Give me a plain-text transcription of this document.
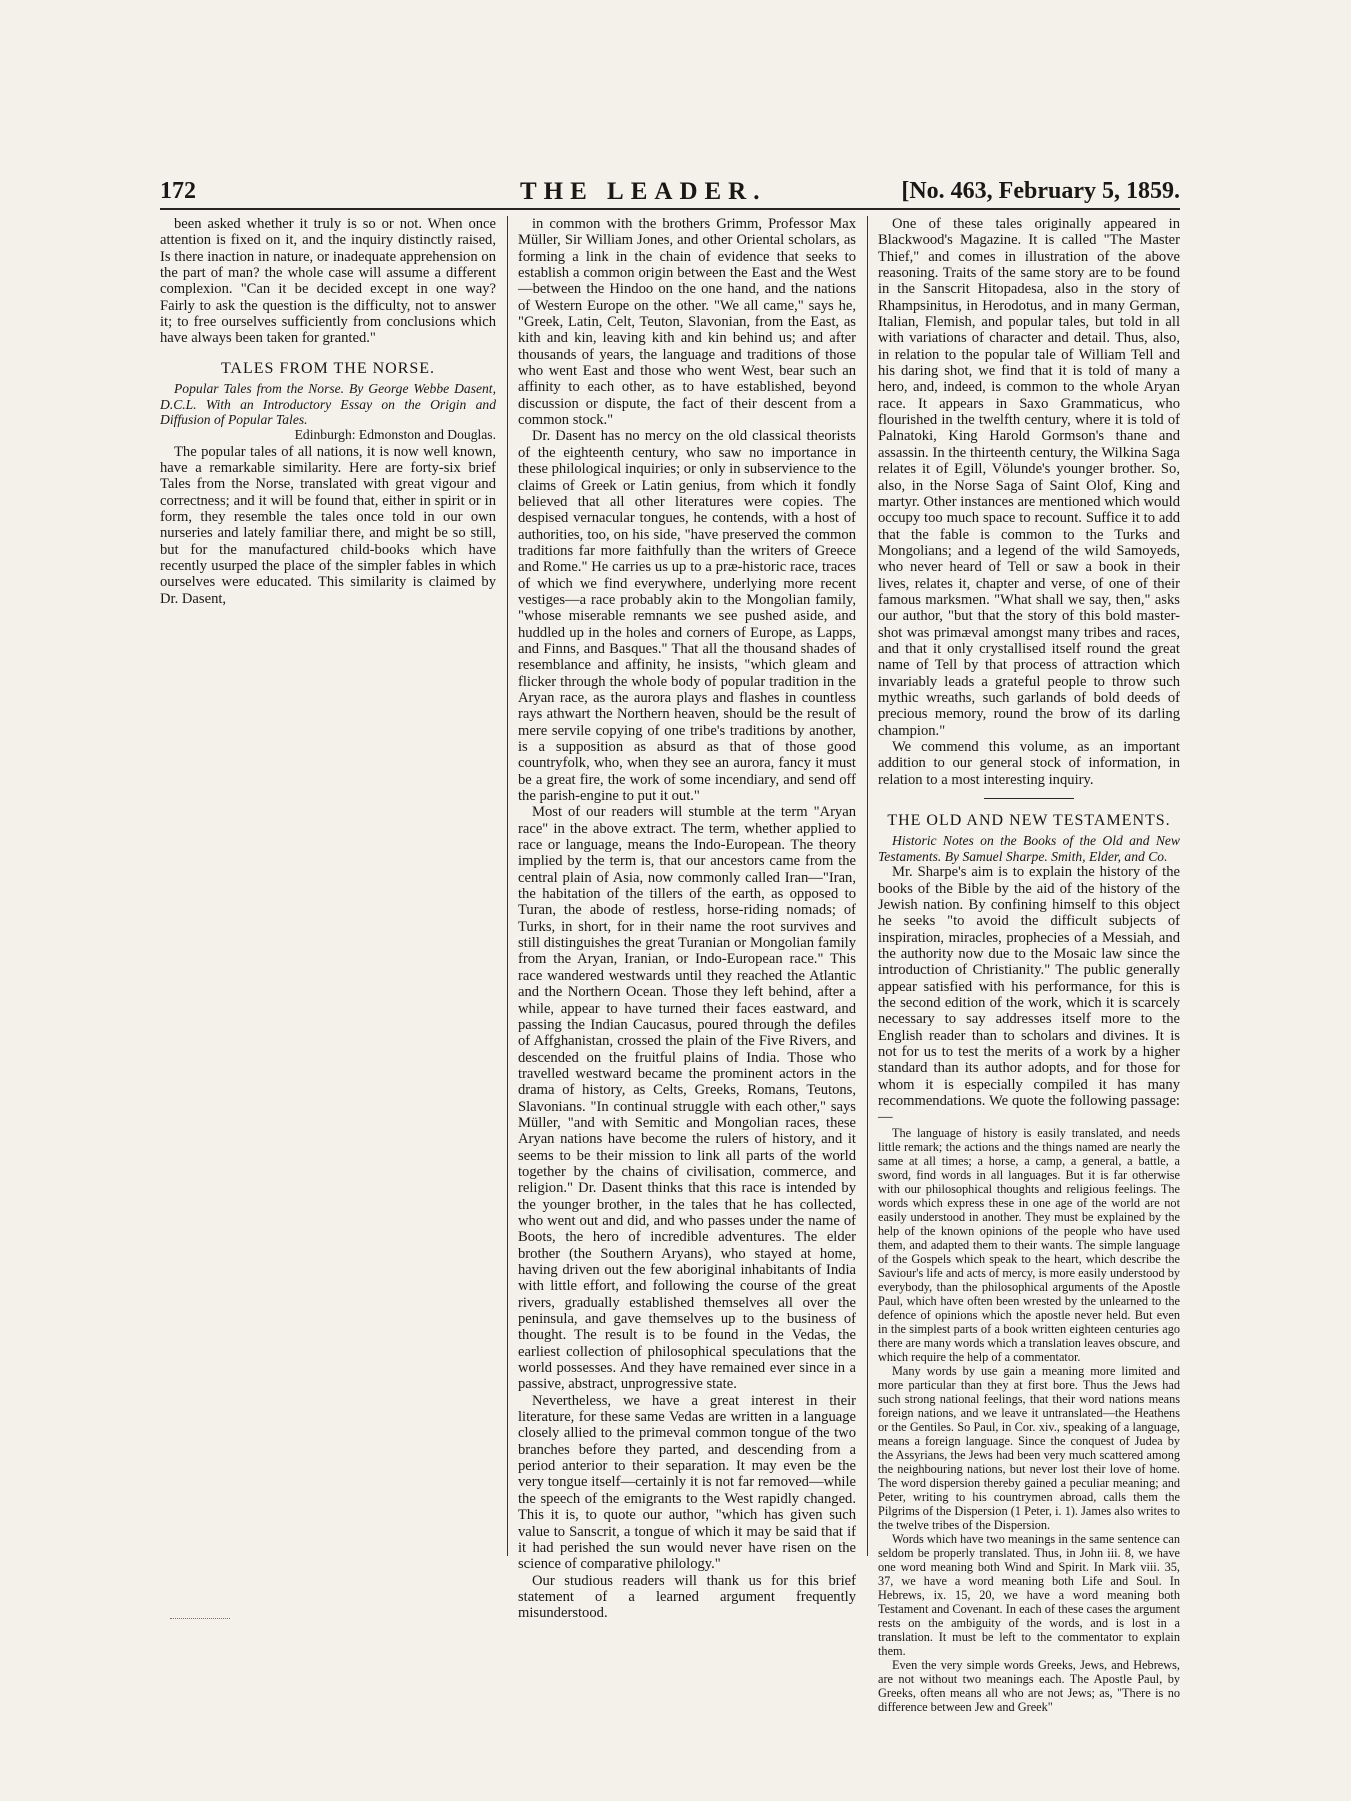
172	THE LEADER.	[No. 463, February 5, 1859.

been asked whether it truly is so or not. When once attention is fixed on it, and the inquiry distinctly raised, Is there inaction in nature, or inadequate apprehension on the part of man? the whole case will assume a different complexion. "Can it be decided except in one way? Fairly to ask the question is the difficulty, not to answer it; to free ourselves sufficiently from conclusions which have always been taken for granted."

TALES FROM THE NORSE.

Popular Tales from the Norse. By George Webbe Dasent, D.C.L. With an Introductory Essay on the Origin and Diffusion of Popular Tales.

Edinburgh: Edmonston and Douglas.

The popular tales of all nations, it is now well known, have a remarkable similarity. Here are forty-six brief Tales from the Norse, translated with great vigour and correctness; and it will be found that, either in spirit or in form, they resemble the tales once told in our own nurseries and lately familiar there, and might be so still, but for the manufactured child-books which have recently usurped the place of the simpler fables in which ourselves were educated. This similarity is claimed by Dr. Dasent,

in common with the brothers Grimm, Professor Max Müller, Sir William Jones, and other Oriental scholars, as forming a link in the chain of evidence that seeks to establish a common origin between the East and the West—between the Hindoo on the one hand, and the nations of Western Europe on the other. "We all came," says he, "Greek, Latin, Celt, Teuton, Slavonian, from the East, as kith and kin, leaving kith and kin behind us; and after thousands of years, the language and traditions of those who went East and those who went West, bear such an affinity to each other, as to have established, beyond discussion or dispute, the fact of their descent from a common stock."

Dr. Dasent has no mercy on the old classical theorists of the eighteenth century, who saw no importance in these philological inquiries; or only in subservience to the claims of Greek or Latin genius, from which it fondly believed that all other literatures were copies. The despised vernacular tongues, he contends, with a host of authorities, too, on his side, "have preserved the common traditions far more faithfully than the writers of Greece and Rome." He carries us up to a præ-historic race, traces of which we find everywhere, underlying more recent vestiges—a race probably akin to the Mongolian family, "whose miserable remnants we see pushed aside, and huddled up in the holes and corners of Europe, as Lapps, and Finns, and Basques." That all the thousand shades of resemblance and affinity, he insists, "which gleam and flicker through the whole body of popular tradition in the Aryan race, as the aurora plays and flashes in countless rays athwart the Northern heaven, should be the result of mere servile copying of one tribe's traditions by another, is a supposition as absurd as that of those good countryfolk, who, when they see an aurora, fancy it must be a great fire, the work of some incendiary, and send off the parish-engine to put it out."

Most of our readers will stumble at the term "Aryan race" in the above extract. The term, whether applied to race or language, means the Indo-European. The theory implied by the term is, that our ancestors came from the central plain of Asia, now commonly called Iran—"Iran, the habitation of the tillers of the earth, as opposed to Turan, the abode of restless, horse-riding nomads; of Turks, in short, for in their name the root survives and still distinguishes the great Turanian or Mongolian family from the Aryan, Iranian, or Indo-European race." This race wandered westwards until they reached the Atlantic and the Northern Ocean. Those they left behind, after a while, appear to have turned their faces eastward, and passing the Indian Caucasus, poured through the defiles of Affghanistan, crossed the plain of the Five Rivers, and descended on the fruitful plains of India. Those who travelled westward became the prominent actors in the drama of history, as Celts, Greeks, Romans, Teutons, Slavonians. "In continual struggle with each other," says Müller, "and with Semitic and Mongolian races, these Aryan nations have become the rulers of history, and it seems to be their mission to link all parts of the world together by the chains of civilisation, commerce, and religion." Dr. Dasent thinks that this race is intended by the younger brother, in the tales that he has collected, who went out and did, and who passes under the name of Boots, the hero of incredible adventures. The elder brother (the Southern Aryans), who stayed at home, having driven out the few aboriginal inhabitants of India with little effort, and following the course of the great rivers, gradually established themselves all over the peninsula, and gave themselves up to the business of thought. The result is to be found in the Vedas, the earliest collection of philosophical speculations that the world possesses. And they have remained ever since in a passive, abstract, unprogressive state.

Nevertheless, we have a great interest in their literature, for these same Vedas are written in a language closely allied to the primeval common tongue of the two branches before they parted, and descending from a period anterior to their separation. It may even be the very tongue itself—certainly it is not far removed—while the speech of the emigrants to the West rapidly changed. This it is, to quote our author, "which has given such value to Sanscrit, a tongue of which it may be said that if it had perished the sun would never have risen on the science of comparative philology."

Our studious readers will thank us for this brief statement of a learned argument frequently misunderstood.

One of these tales originally appeared in Blackwood's Magazine. It is called "The Master Thief," and comes in illustration of the above reasoning. Traits of the same story are to be found in the Sanscrit Hitopadesa, also in the story of Rhampsinitus, in Herodotus, and in many German, Italian, Flemish, and popular tales, but told in all with variations of character and detail. Thus, also, in relation to the popular tale of William Tell and his daring shot, we find that it is told of many a hero, and, indeed, is common to the whole Aryan race. It appears in Saxo Grammaticus, who flourished in the twelfth century, where it is told of Palnatoki, King Harold Gormson's thane and assassin. In the thirteenth century, the Wilkina Saga relates it of Egill, Völunde's younger brother. So, also, in the Norse Saga of Saint Olof, King and martyr. Other instances are mentioned which would occupy too much space to recount. Suffice it to add that the fable is common to the Turks and Mongolians; and a legend of the wild Samoyeds, who never heard of Tell or saw a book in their lives, relates it, chapter and verse, of one of their famous marksmen. "What shall we say, then," asks our author, "but that the story of this bold master-shot was primæval amongst many tribes and races, and that it only crystallised itself round the great name of Tell by that process of attraction which invariably leads a grateful people to throw such mythic wreaths, such garlands of bold deeds of precious memory, round the brow of its darling champion."

We commend this volume, as an important addition to our general stock of information, in relation to a most interesting inquiry.

THE OLD AND NEW TESTAMENTS.

Historic Notes on the Books of the Old and New Testaments. By Samuel Sharpe. Smith, Elder, and Co.

Mr. Sharpe's aim is to explain the history of the books of the Bible by the aid of the history of the Jewish nation. By confining himself to this object he seeks "to avoid the difficult subjects of inspiration, miracles, prophecies of a Messiah, and the authority now due to the Mosaic law since the introduction of Christianity." The public generally appear satisfied with his performance, for this is the second edition of the work, which it is scarcely necessary to say addresses itself more to the English reader than to scholars and divines. It is not for us to test the merits of a work by a higher standard than its author adopts, and for those for whom it is especially compiled it has many recommendations. We quote the following passage:—

The language of history is easily translated, and needs little remark; the actions and the things named are nearly the same at all times; a horse, a camp, a general, a battle, a sword, find words in all languages. But it is far otherwise with our philosophical thoughts and religious feelings. The words which express these in one age of the world are not easily understood in another. They must be explained by the help of the known opinions of the people who have used them, and adapted them to their wants. The simple language of the Gospels which speak to the heart, which describe the Saviour's life and acts of mercy, is more easily understood by everybody, than the philosophical arguments of the Apostle Paul, which have often been wrested by the unlearned to the defence of opinions which the apostle never held. But even in the simplest parts of a book written eighteen centuries ago there are many words which a translation leaves obscure, and which require the help of a commentator.

Many words by use gain a meaning more limited and more particular than they at first bore. Thus the Jews had such strong national feelings, that their word nations means foreign nations, and we leave it untranslated—the Heathens or the Gentiles. So Paul, in Cor. xiv., speaking of a language, means a foreign language. Since the conquest of Judea by the Assyrians, the Jews had been very much scattered among the neighbouring nations, but never lost their love of home. The word dispersion thereby gained a peculiar meaning; and Peter, writing to his countrymen abroad, calls them the Pilgrims of the Dispersion (1 Peter, i. 1). James also writes to the twelve tribes of the Dispersion.

Words which have two meanings in the same sentence can seldom be properly translated. Thus, in John iii. 8, we have one word meaning both Wind and Spirit. In Mark viii. 35, 37, we have a word meaning both Life and Soul. In Hebrews, ix. 15, 20, we have a word meaning both Testament and Covenant. In each of these cases the argument rests on the ambiguity of the words, and is lost in a translation. It must be left to the commentator to explain them.

Even the very simple words Greeks, Jews, and Hebrews, are not without two meanings each. The Apostle Paul, by Greeks, often means all who are not Jews; as, "There is no difference between Jew and Greek"
